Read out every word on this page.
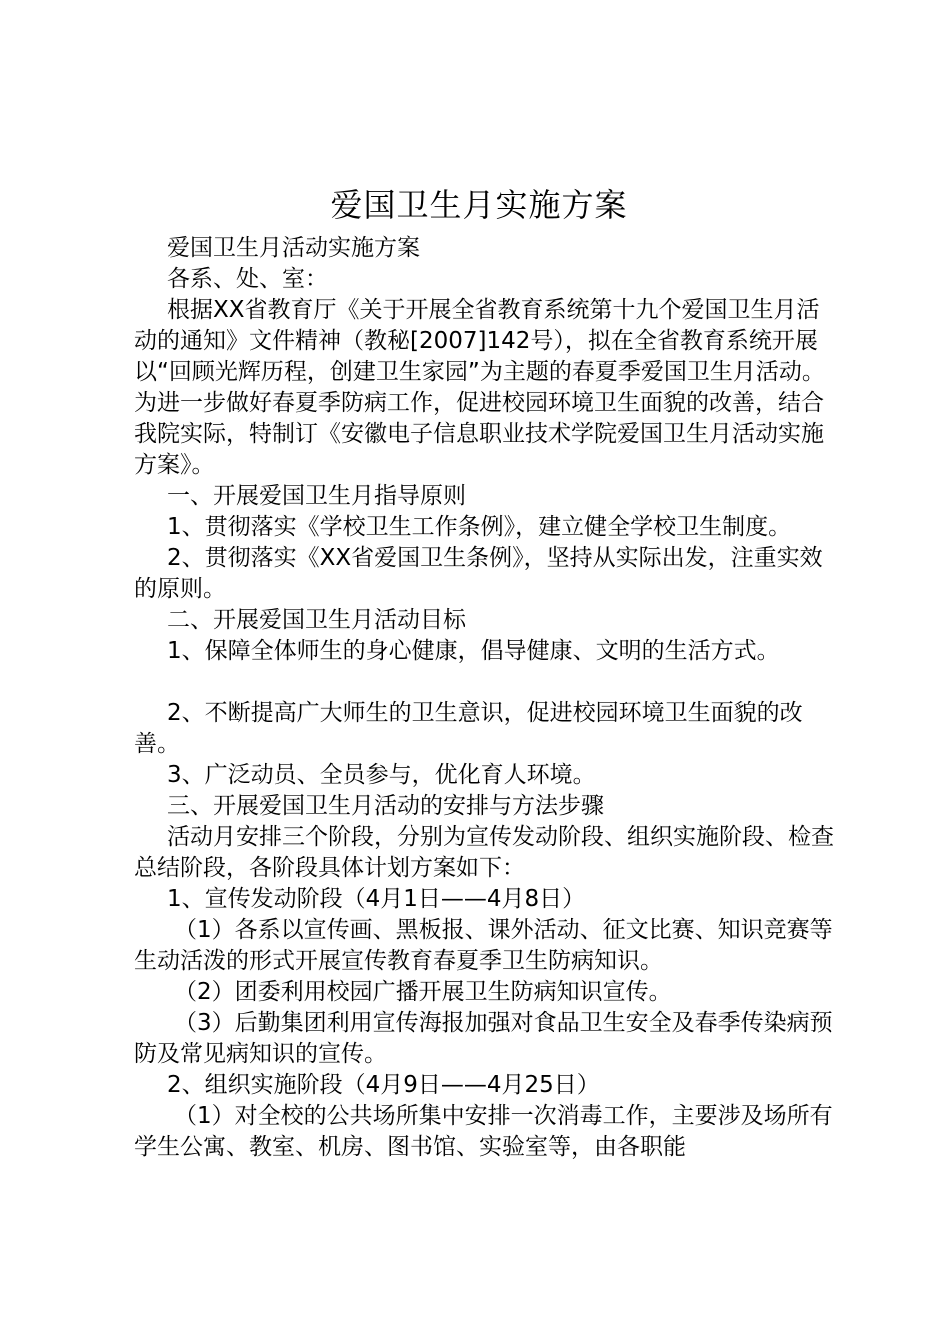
爱国卫生月实施方案

爱国卫生月活动实施方案

各系、处、室：

根据XX省教育厅《关于开展全省教育系统第十九个爱国卫生月活动的通知》文件精神（教秘[2007]142号），拟在全省教育系统开展以“回顾光辉历程，创建卫生家园”为主题的春夏季爱国卫生月活动。为进一步做好春夏季防病工作，促进校园环境卫生面貌的改善，结合我院实际，特制订《安徽电子信息职业技术学院爱国卫生月活动实施方案》。

一、开展爱国卫生月指导原则

1、贯彻落实《学校卫生工作条例》，建立健全学校卫生制度。

2、贯彻落实《XX省爱国卫生条例》，坚持从实际出发，注重实效的原则。

二、开展爱国卫生月活动目标

1、保障全体师生的身心健康，倡导健康、文明的生活方式。

2、不断提高广大师生的卫生意识，促进校园环境卫生面貌的改善。

3、广泛动员、全员参与，优化育人环境。

三、开展爱国卫生月活动的安排与方法步骤

活动月安排三个阶段，分别为宣传发动阶段、组织实施阶段、检查总结阶段，各阶段具体计划方案如下：

1、宣传发动阶段（4月1日——4月8日）

（1）各系以宣传画、黑板报、课外活动、征文比赛、知识竞赛等生动活泼的形式开展宣传教育春夏季卫生防病知识。

（2）团委利用校园广播开展卫生防病知识宣传。

（3）后勤集团利用宣传海报加强对食品卫生安全及春季传染病预防及常见病知识的宣传。

2、组织实施阶段（4月9日——4月25日）

（1）对全校的公共场所集中安排一次消毒工作，主要涉及场所有学生公寓、教室、机房、图书馆、实验室等，由各职能
